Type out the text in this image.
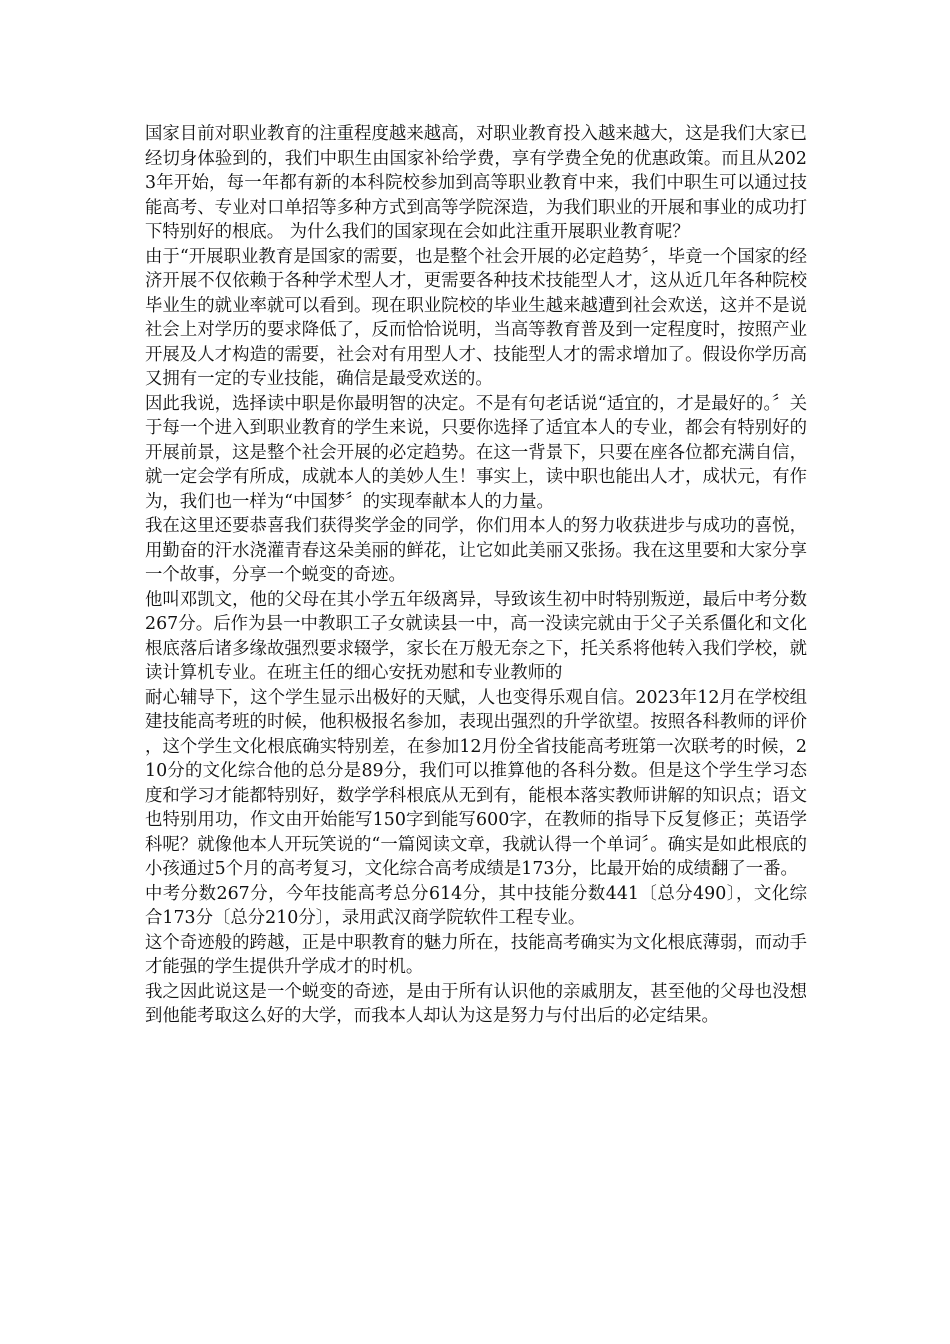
国家目前对职业教育的注重程度越来越高，对职业教育投入越来越大，这是我们大家已经切身体验到的，我们中职生由国家补给学费，享有学费全免的优惠政策。而且从2023年开始，每一年都有新的本科院校参加到高等职业教育中来，我们中职生可以通过技能高考、专业对口单招等多种方式到高等学院深造，为我们职业的开展和事业的成功打下特别好的根底。 为什么我们的国家现在会如此注重开展职业教育呢？

由于“开展职业教育是国家的需要，也是整个社会开展的必定趋势〞，毕竟一个国家的经济开展不仅依赖于各种学术型人才，更需要各种技术技能型人才，这从近几年各种院校毕业生的就业率就可以看到。现在职业院校的毕业生越来越遭到社会欢送，这并不是说社会上对学历的要求降低了，反而恰恰说明，当高等教育普及到一定程度时，按照产业开展及人才构造的需要，社会对有用型人才、技能型人才的需求增加了。假设你学历高又拥有一定的专业技能，确信是最受欢送的。

因此我说，选择读中职是你最明智的决定。不是有句老话说“适宜的，才是最好的。〞关于每一个进入到职业教育的学生来说，只要你选择了适宜本人的专业，都会有特别好的开展前景，这是整个社会开展的必定趋势。在这一背景下，只要在座各位都充满自信，就一定会学有所成，成就本人的美妙人生！事实上，读中职也能出人才，成状元，有作为，我们也一样为“中国梦〞的实现奉献本人的力量。

我在这里还要恭喜我们获得奖学金的同学，你们用本人的努力收获进步与成功的喜悦，用勤奋的汗水浇灌青春这朵美丽的鲜花，让它如此美丽又张扬。我在这里要和大家分享一个故事，分享一个蜕变的奇迹。

他叫邓凯文，他的父母在其小学五年级离异，导致该生初中时特别叛逆，最后中考分数267分。后作为县一中教职工子女就读县一中，高一没读完就由于父子关系僵化和文化根底落后诸多缘故强烈要求辍学，家长在万般无奈之下，托关系将他转入我们学校，就读计算机专业。在班主任的细心安抚劝慰和专业教师的

耐心辅导下，这个学生显示出极好的天赋，人也变得乐观自信。2023年12月在学校组建技能高考班的时候，他积极报名参加，表现出强烈的升学欲望。按照各科教师的评价，这个学生文化根底确实特别差，在参加12月份全省技能高考班第一次联考的时候，210分的文化综合他的总分是89分，我们可以推算他的各科分数。但是这个学生学习态度和学习才能都特别好，数学学科根底从无到有，能根本落实教师讲解的知识点；语文也特别用功，作文由开始能写150字到能写600字，在教师的指导下反复修正；英语学科呢？就像他本人开玩笑说的“一篇阅读文章，我就认得一个单词〞。确实是如此根底的小孩通过5个月的高考复习，文化综合高考成绩是173分，比最开始的成绩翻了一番。

中考分数267分，今年技能高考总分614分，其中技能分数441〔总分490〕，文化综合173分〔总分210分〕，录用武汉商学院软件工程专业。

这个奇迹般的跨越，正是中职教育的魅力所在，技能高考确实为文化根底薄弱，而动手才能强的学生提供升学成才的时机。

我之因此说这是一个蜕变的奇迹，是由于所有认识他的亲戚朋友，甚至他的父母也没想到他能考取这么好的大学，而我本人却认为这是努力与付出后的必定结果。
